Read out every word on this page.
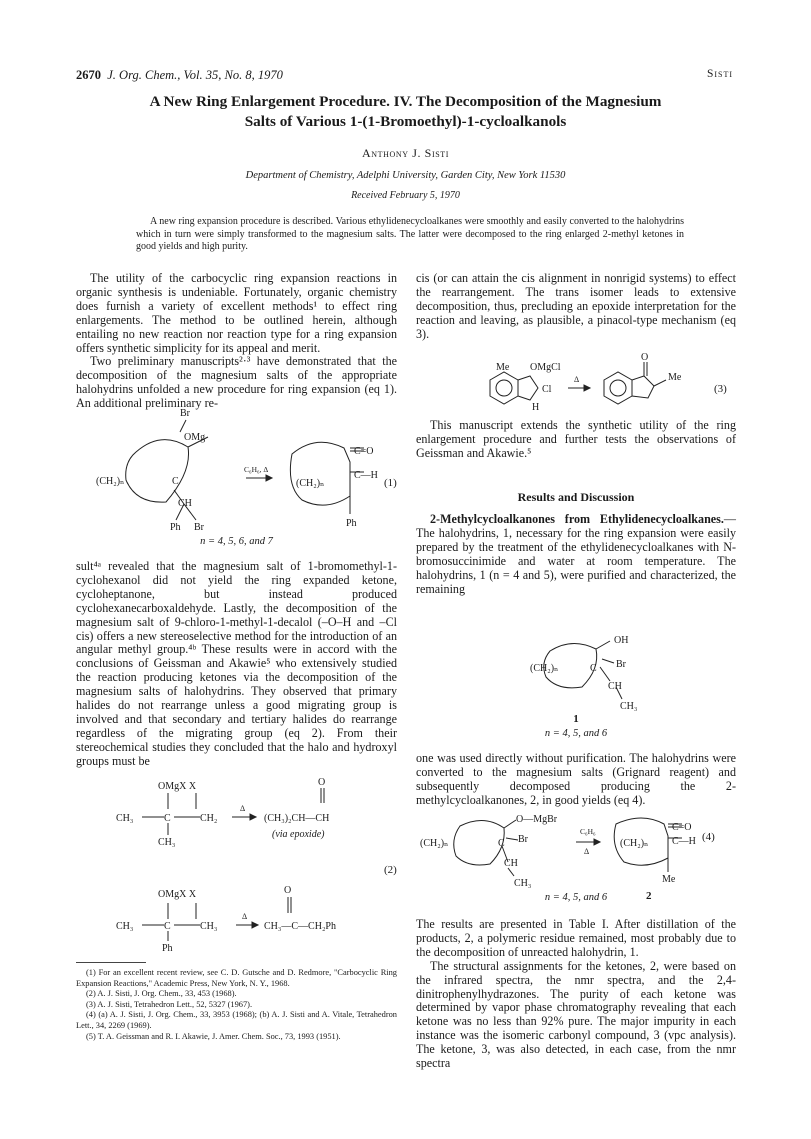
2670 J. Org. Chem., Vol. 35, No. 8, 1970	Sisti
A New Ring Enlargement Procedure. IV. The Decomposition of the Magnesium
Salts of Various 1-(1-Bromoethyl)-1-cycloalkanols
Anthony J. Sisti
Department of Chemistry, Adelphi University, Garden City, New York 11530
Received February 5, 1970
A new ring expansion procedure is described. Various ethylidenecycloalkanes were smoothly and easily converted to the halohydrins which in turn were simply transformed to the magnesium salts. The latter were decomposed to the ring enlarged 2-methyl ketones in good yields and high purity.

The utility of the carbocyclic ring expansion reactions in organic synthesis is undeniable. Fortunately, organic chemistry does furnish a variety of excellent methods¹ to effect ring enlargements. The method to be outlined herein, although entailing no new reaction nor reaction type for a ring expansion offers synthetic simplicity for its appeal and merit.

Two preliminary manuscripts²·³ have demonstrated that the decomposition of the magnesium salts of the appropriate halohydrins unfolded a new procedure for ring expansion (eq 1). An additional preliminary re-

Br
OMg
(CH₂)ₙ	C
CH
Ph Br
C₆H₆, Δ
(CH₂)ₙ
C=O
C—H
Ph
(1)
n = 4, 5, 6, and 7

sult⁴ᵃ revealed that the magnesium salt of 1-bromomethyl-1-cyclohexanol did not yield the ring expanded ketone, cycloheptanone, but instead produced cyclohexanecarboxaldehyde. Lastly, the decomposition of the magnesium salt of 9-chloro-1-methyl-1-decalol (–O–H and –Cl cis) offers a new stereoselective method for the introduction of an angular methyl group.⁴ᵇ These results were in accord with the conclusions of Geissman and Akawie⁵ who extensively studied the reaction producing ketones via the decomposition of the magnesium salts of halohydrins. They observed that primary halides do not rearrange unless a good migrating group is involved and that secondary and tertiary halides do rearrange regardless of the migrating group (eq 2). From their stereochemical studies they concluded that the halo and hydroxyl groups must be

OMgX X
CH₃	C	CH₂
CH₃
Δ
O
(CH₃)₂CH—CH
(via epoxide)
(2)
OMgX X
CH₃	C	CH₃
Ph
Δ
O
CH₃—C—CH₂Ph

(1) For an excellent recent review, see C. D. Gutsche and D. Redmore, "Carbocyclic Ring Expansion Reactions," Academic Press, New York, N. Y., 1968.

(2) A. J. Sisti, J. Org. Chem., 33, 453 (1968).

(3) A. J. Sisti, Tetrahedron Lett., 52, 5327 (1967).

(4) (a) A. J. Sisti, J. Org. Chem., 33, 3953 (1968); (b) A. J. Sisti and A. Vitale, Tetrahedron Lett., 34, 2269 (1969).

(5) T. A. Geissman and R. I. Akawie, J. Amer. Chem. Soc., 73, 1993 (1951).

cis (or can attain the cis alignment in nonrigid systems) to effect the rearrangement. The trans isomer leads to extensive decomposition, thus, precluding an epoxide interpretation for the reaction and leaving, as plausible, a pinacol-type mechanism (eq 3).

Me OMgCl
Cl
H
Δ
O
Me
(3)

This manuscript extends the synthetic utility of the ring enlargement procedure and further tests the observations of Geissman and Akawie.⁵

Results and Discussion

2-Methylcycloalkanones from Ethylidenecycloalkanes.—The halohydrins, 1, necessary for the ring expansion were easily prepared by the treatment of the ethylidenecycloalkanes with N-bromosuccinimide and water at room temperature. The halohydrins, 1 (n = 4 and 5), were purified and characterized, the remaining

OH
Br
(CH₂)ₙ	C
CH
CH₃
1
n = 4, 5, and 6

one was used directly without purification. The halohydrins were converted to the magnesium salts (Grignard reagent) and subsequently decomposed producing the 2-methylcycloalkanones, 2, in good yields (eq 4).

O—MgBr
Br
(CH₂)ₙ	C
CH
CH₃
C₆H₆
Δ
(CH₂)ₙ
C=O
C—H
Me
(4)
2
n = 4, 5, and 6

The results are presented in Table I. After distillation of the products, 2, a polymeric residue remained, most probably due to the decomposition of unreacted halohydrin, 1.

The structural assignments for the ketones, 2, were based on the infrared spectra, the nmr spectra, and the 2,4-dinitrophenylhydrazones. The purity of each ketone was determined by vapor phase chromatography revealing that each ketone was no less than 92% pure. The major impurity in each instance was the isomeric carbonyl compound, 3 (vpc analysis). The ketone, 3, was also detected, in each case, from the nmr spectra
